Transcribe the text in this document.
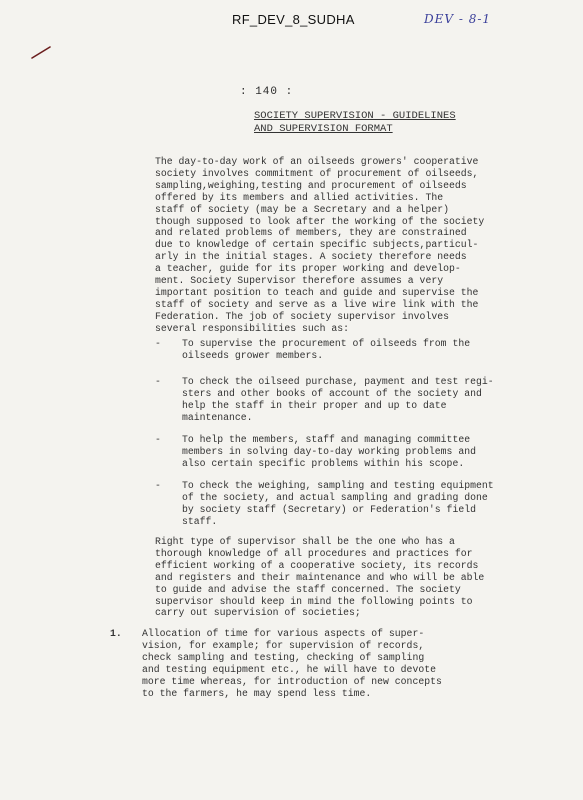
RF_DEV_8_SUDHA	DEV - 8-1
: 140 :
SOCIETY SUPERVISION - GUIDELINES
AND SUPERVISION FORMAT
The day-to-day work of an oilseeds growers' cooperative
society involves commitment of procurement of oilseeds,
sampling,weighing,testing and procurement of oilseeds
offered by its members and allied activities. The
staff of society (may be a Secretary and a helper)
though supposed to look after the working of the society
and related problems of members, they are constrained
due to knowledge of certain specific subjects,particul-
arly in the initial stages. A society therefore needs
a teacher, guide for its proper working and develop-
ment. Society Supervisor therefore assumes a very
important position to teach and guide and supervise the
staff of society and serve as a live wire link with the
Federation. The job of society supervisor involves
several responsibilities such as:
- To supervise the procurement of oilseeds from the
oilseeds grower members.
- To check the oilseed purchase, payment and test regi-
sters and other books of account of the society and
help the staff in their proper and up to date
maintenance.
- To help the members, staff and managing committee
members in solving day-to-day working problems and
also certain specific problems within his scope.
- To check the weighing, sampling and testing equipment
of the society, and actual sampling and grading done
by society staff (Secretary) or Federation's field
staff.
Right type of supervisor shall be the one who has a
thorough knowledge of all procedures and practices for
efficient working of a cooperative society, its records
and registers and their maintenance and who will be able
to guide and advise the staff concerned. The society
supervisor should keep in mind the following points to
carry out supervision of societies;
1. Allocation of time for various aspects of super-
vision, for example; for supervision of records,
check sampling and testing, checking of sampling
and testing equipment etc., he will have to devote
more time whereas, for introduction of new concepts
to the farmers, he may spend less time.
